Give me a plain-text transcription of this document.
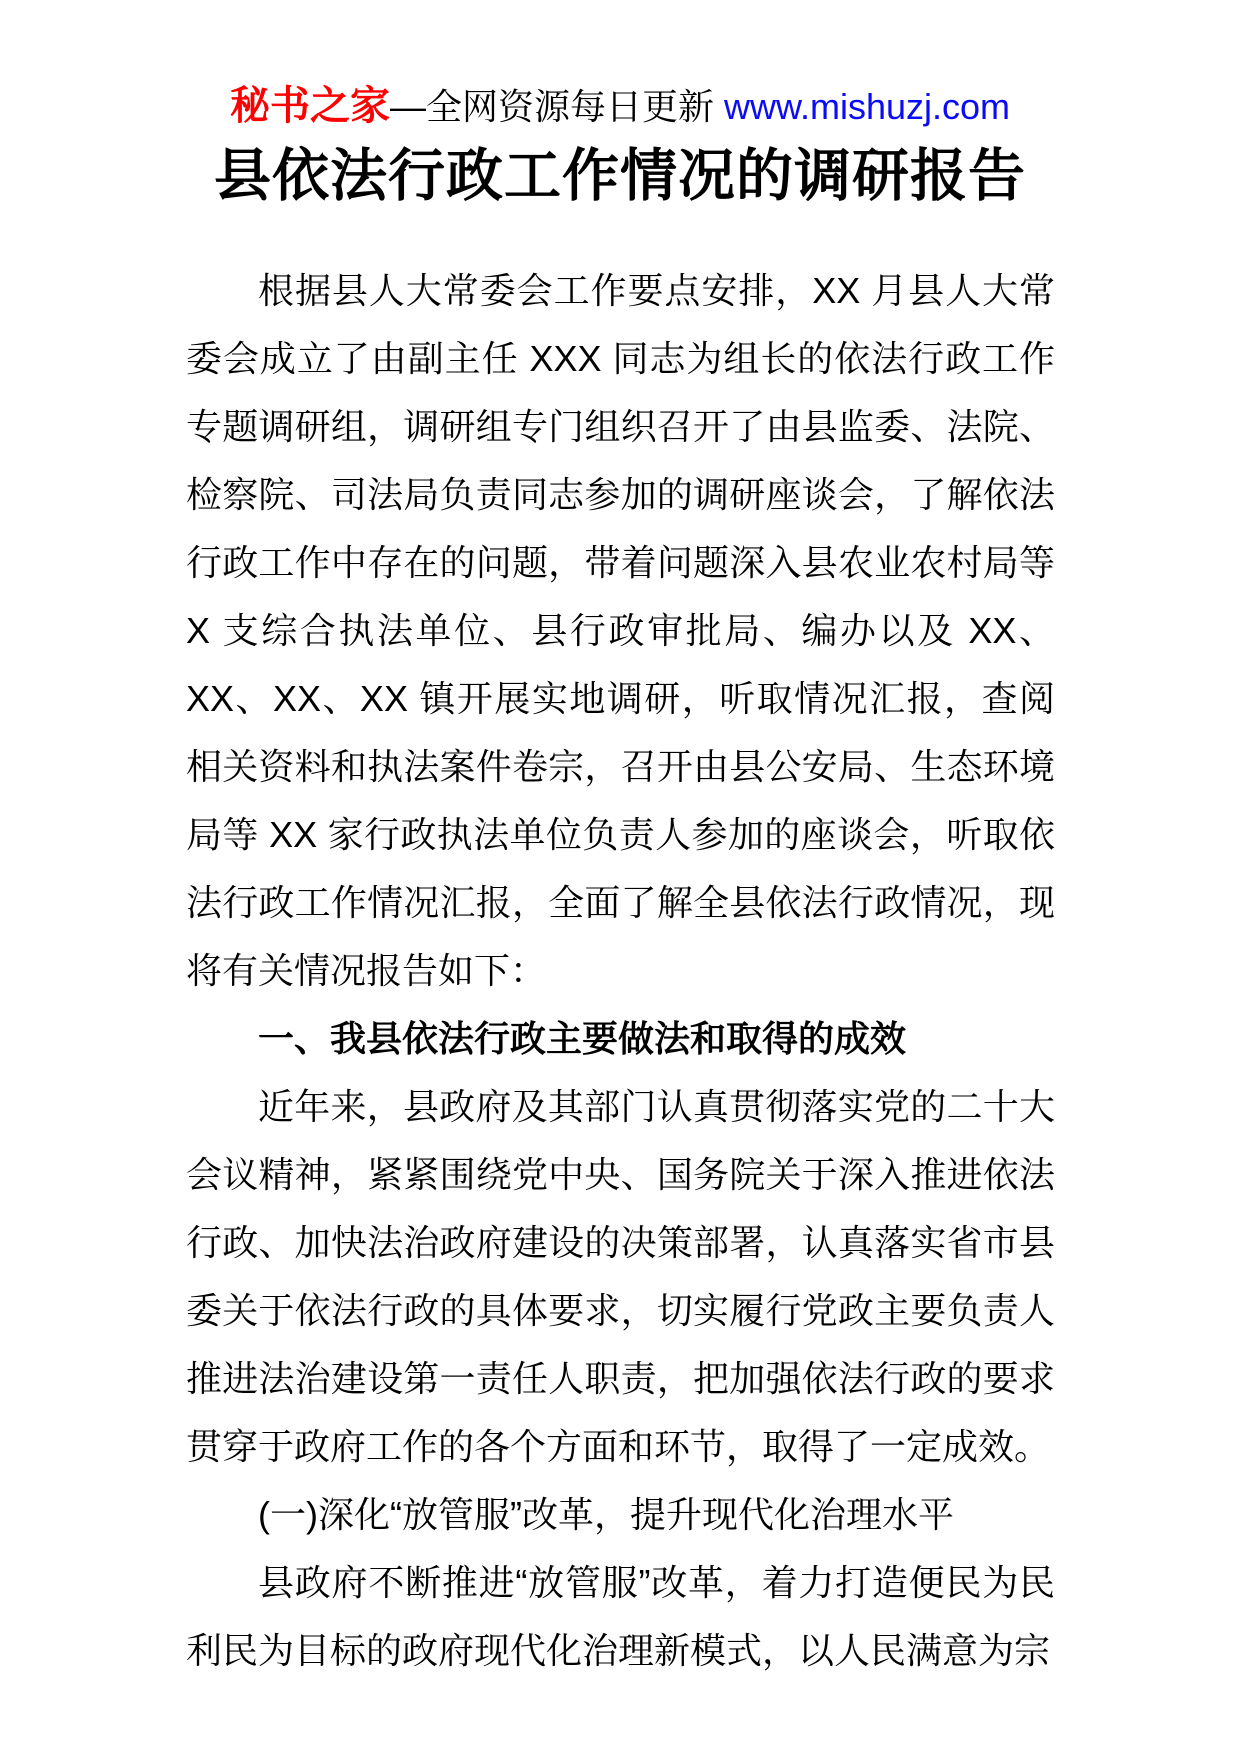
秘书之家—全网资源每日更新 www.mishuzj.com
县依法行政工作情况的调研报告

根据县人大常委会工作要点安排，XX 月县人大常委会成立了由副主任 XXX 同志为组长的依法行政工作专题调研组，调研组专门组织召开了由县监委、法院、检察院、司法局负责同志参加的调研座谈会，了解依法行政工作中存在的问题，带着问题深入县农业农村局等 X 支综合执法单位、县行政审批局、编办以及 XX、XX、XX、XX 镇开展实地调研，听取情况汇报，查阅相关资料和执法案件卷宗，召开由县公安局、生态环境局等 XX 家行政执法单位负责人参加的座谈会，听取依法行政工作情况汇报，全面了解全县依法行政情况，现将有关情况报告如下：

一、我县依法行政主要做法和取得的成效

近年来，县政府及其部门认真贯彻落实党的二十大会议精神，紧紧围绕党中央、国务院关于深入推进依法行政、加快法治政府建设的决策部署，认真落实省市县委关于依法行政的具体要求，切实履行党政主要负责人推进法治建设第一责任人职责，把加强依法行政的要求贯穿于政府工作的各个方面和环节，取得了一定成效。

(一)深化“放管服”改革，提升现代化治理水平

县政府不断推进“放管服”改革，着力打造便民为民利民为目标的政府现代化治理新模式，以人民满意为宗
